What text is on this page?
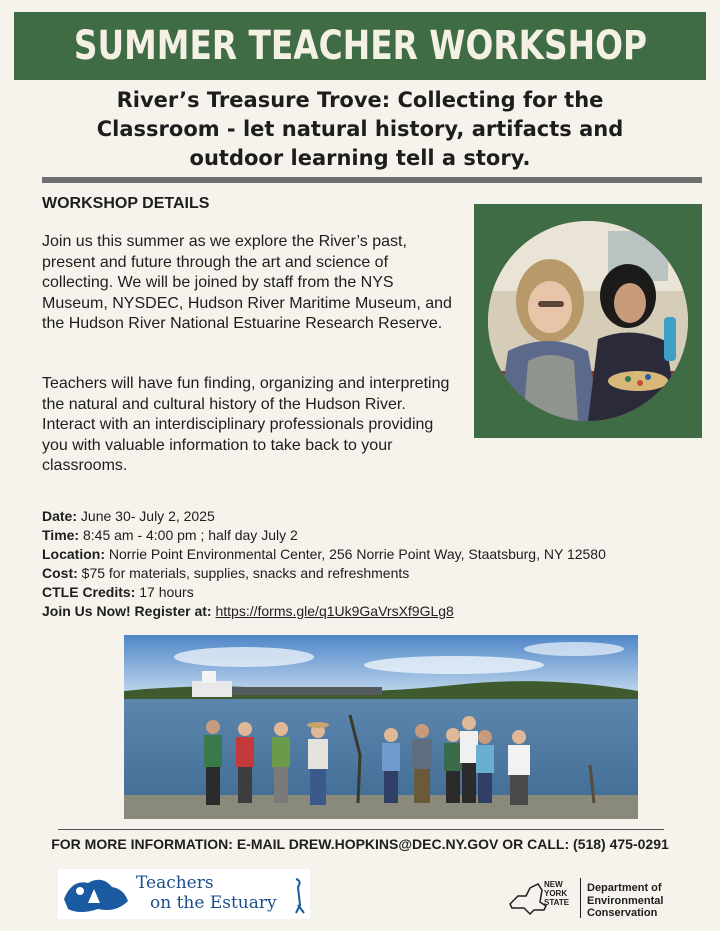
SUMMER TEACHER WORKSHOP
River’s Treasure Trove: Collecting for the
Classroom - let natural history, artifacts and
outdoor learning tell a story.
WORKSHOP DETAILS
Join us this summer as we explore the River’s past, present and future through the art and science of collecting. We will be joined by staff from the NYS Museum, NYSDEC, Hudson River Maritime Museum, and the Hudson River National Estuarine Research Reserve.
Teachers will have fun finding, organizing and interpreting the natural and cultural history of the Hudson River. Interact with an interdisciplinary professionals providing you with valuable information to take back to your classrooms.
Date: June 30- July 2, 2025
Time: 8:45 am - 4:00 pm ; half day July 2
Location: Norrie Point Environmental Center, 256 Norrie Point Way, Staatsburg, NY 12580
Cost: $75 for materials, supplies, snacks and refreshments
CTLE Credits: 17 hours
Join Us Now! Register at: https://forms.gle/q1Uk9GaVrsXf9GLg8
FOR MORE INFORMATION: E-MAIL DREW.HOPKINS@DEC.NY.GOV OR CALL: (518) 475-0291
Teachers
on the Estuary
NEW
YORK
STATE
Department of
Environmental
Conservation
